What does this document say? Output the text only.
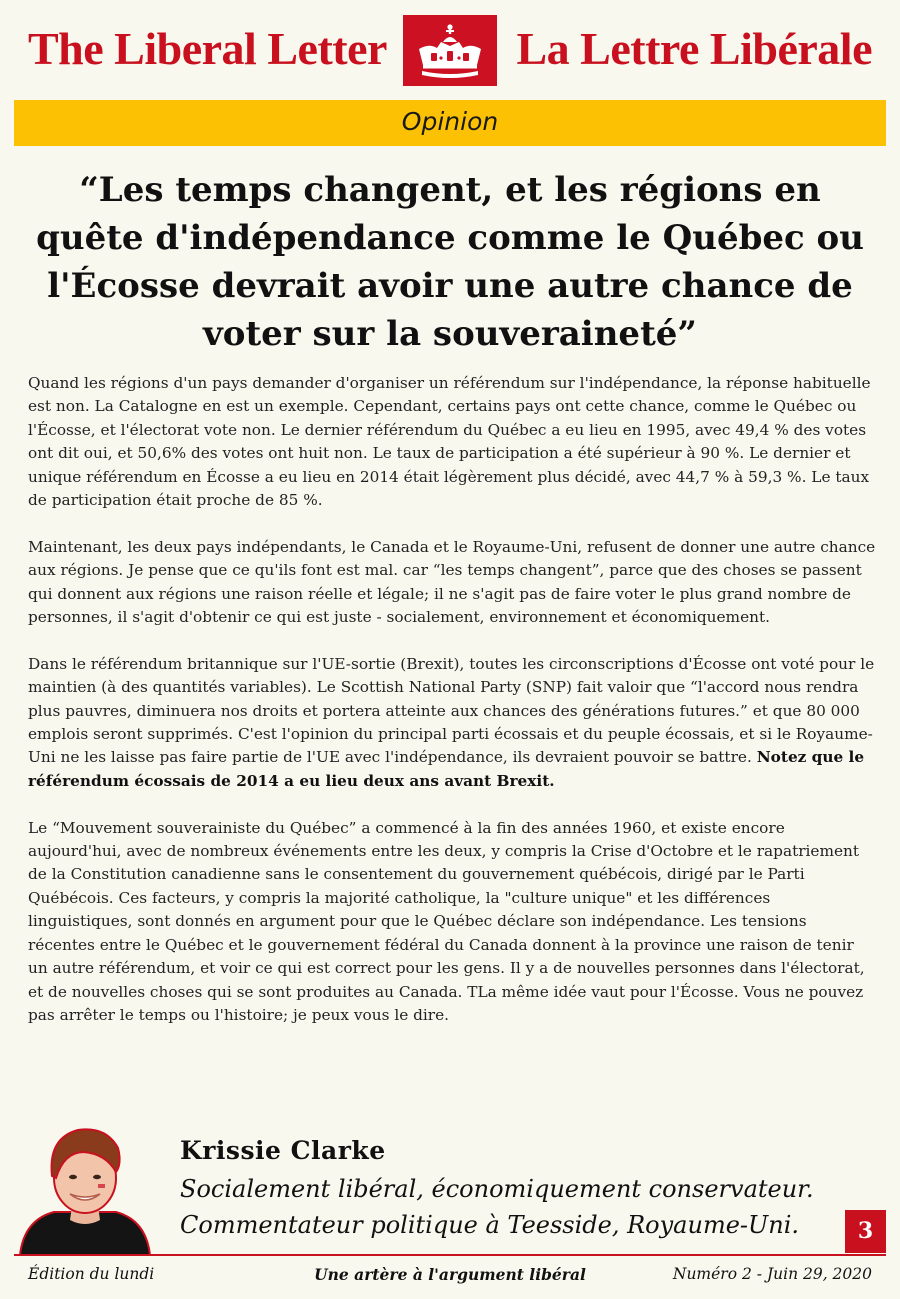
The Liberal Letter	La Lettre Libérale
Opinion
“Les temps changent, et les régions en quête d'indépendance comme le Québec ou l'Écosse devrait avoir une autre chance de voter sur la souveraineté”

Quand les régions d'un pays demander d'organiser un référendum sur l'indépendance, la réponse habituelle est non. La Catalogne en est un exemple. Cependant, certains pays ont cette chance, comme le Québec ou l'Écosse, et l'électorat vote non. Le dernier référendum du Québec a eu lieu en 1995, avec 49,4 % des votes ont dit oui, et 50,6% des votes ont huit non. Le taux de participation a été supérieur à 90 %. Le dernier et unique référendum en Écosse a eu lieu en 2014 était légèrement plus décidé, avec 44,7 % à 59,3 %. Le taux de participation était proche de 85 %.

Maintenant, les deux pays indépendants, le Canada et le Royaume-Uni, refusent de donner une autre chance aux régions. Je pense que ce qu'ils font est mal. car “les temps changent”, parce que des choses se passent qui donnent aux régions une raison réelle et légale; il ne s'agit pas de faire voter le plus grand nombre de personnes, il s'agit d'obtenir ce qui est juste - socialement, environnement et économiquement.

Dans le référendum britannique sur l'UE-sortie (Brexit), toutes les circonscriptions d'Écosse ont voté pour le maintien (à des quantités variables). Le Scottish National Party (SNP) fait valoir que “l'accord nous rendra plus pauvres, diminuera nos droits et portera atteinte aux chances des générations futures.” et que 80 000 emplois seront supprimés. C'est l'opinion du principal parti écossais et du peuple écossais, et si le Royaume-Uni ne les laisse pas faire partie de l'UE avec l'indépendance, ils devraient pouvoir se battre. Notez que le référendum écossais de 2014 a eu lieu deux ans avant Brexit.

Le “Mouvement souverainiste du Québec” a commencé à la fin des années 1960, et existe encore aujourd'hui, avec de nombreux événements entre les deux, y compris la Crise d'Octobre et le rapatriement de la Constitution canadienne sans le consentement du gouvernement québécois, dirigé par le Parti Québécois. Ces facteurs, y compris la majorité catholique, la "culture unique" et les différences linguistiques, sont donnés en argument pour que le Québec déclare son indépendance. Les tensions récentes entre le Québec et le gouvernement fédéral du Canada donnent à la province une raison de tenir un autre référendum, et voir ce qui est correct pour les gens. Il y a de nouvelles personnes dans l'électorat, et de nouvelles choses qui se sont produites au Canada. TLa même idée vaut pour l'Écosse. Vous ne pouvez pas arrêter le temps ou l'histoire; je peux vous le dire.

Krissie Clarke
Socialement libéral, économiquement conservateur.
Commentateur politique à Teesside, Royaume-Uni.	3
Édition du lundi	Une artère à l'argument libéral	Numéro 2 - Juin 29, 2020
